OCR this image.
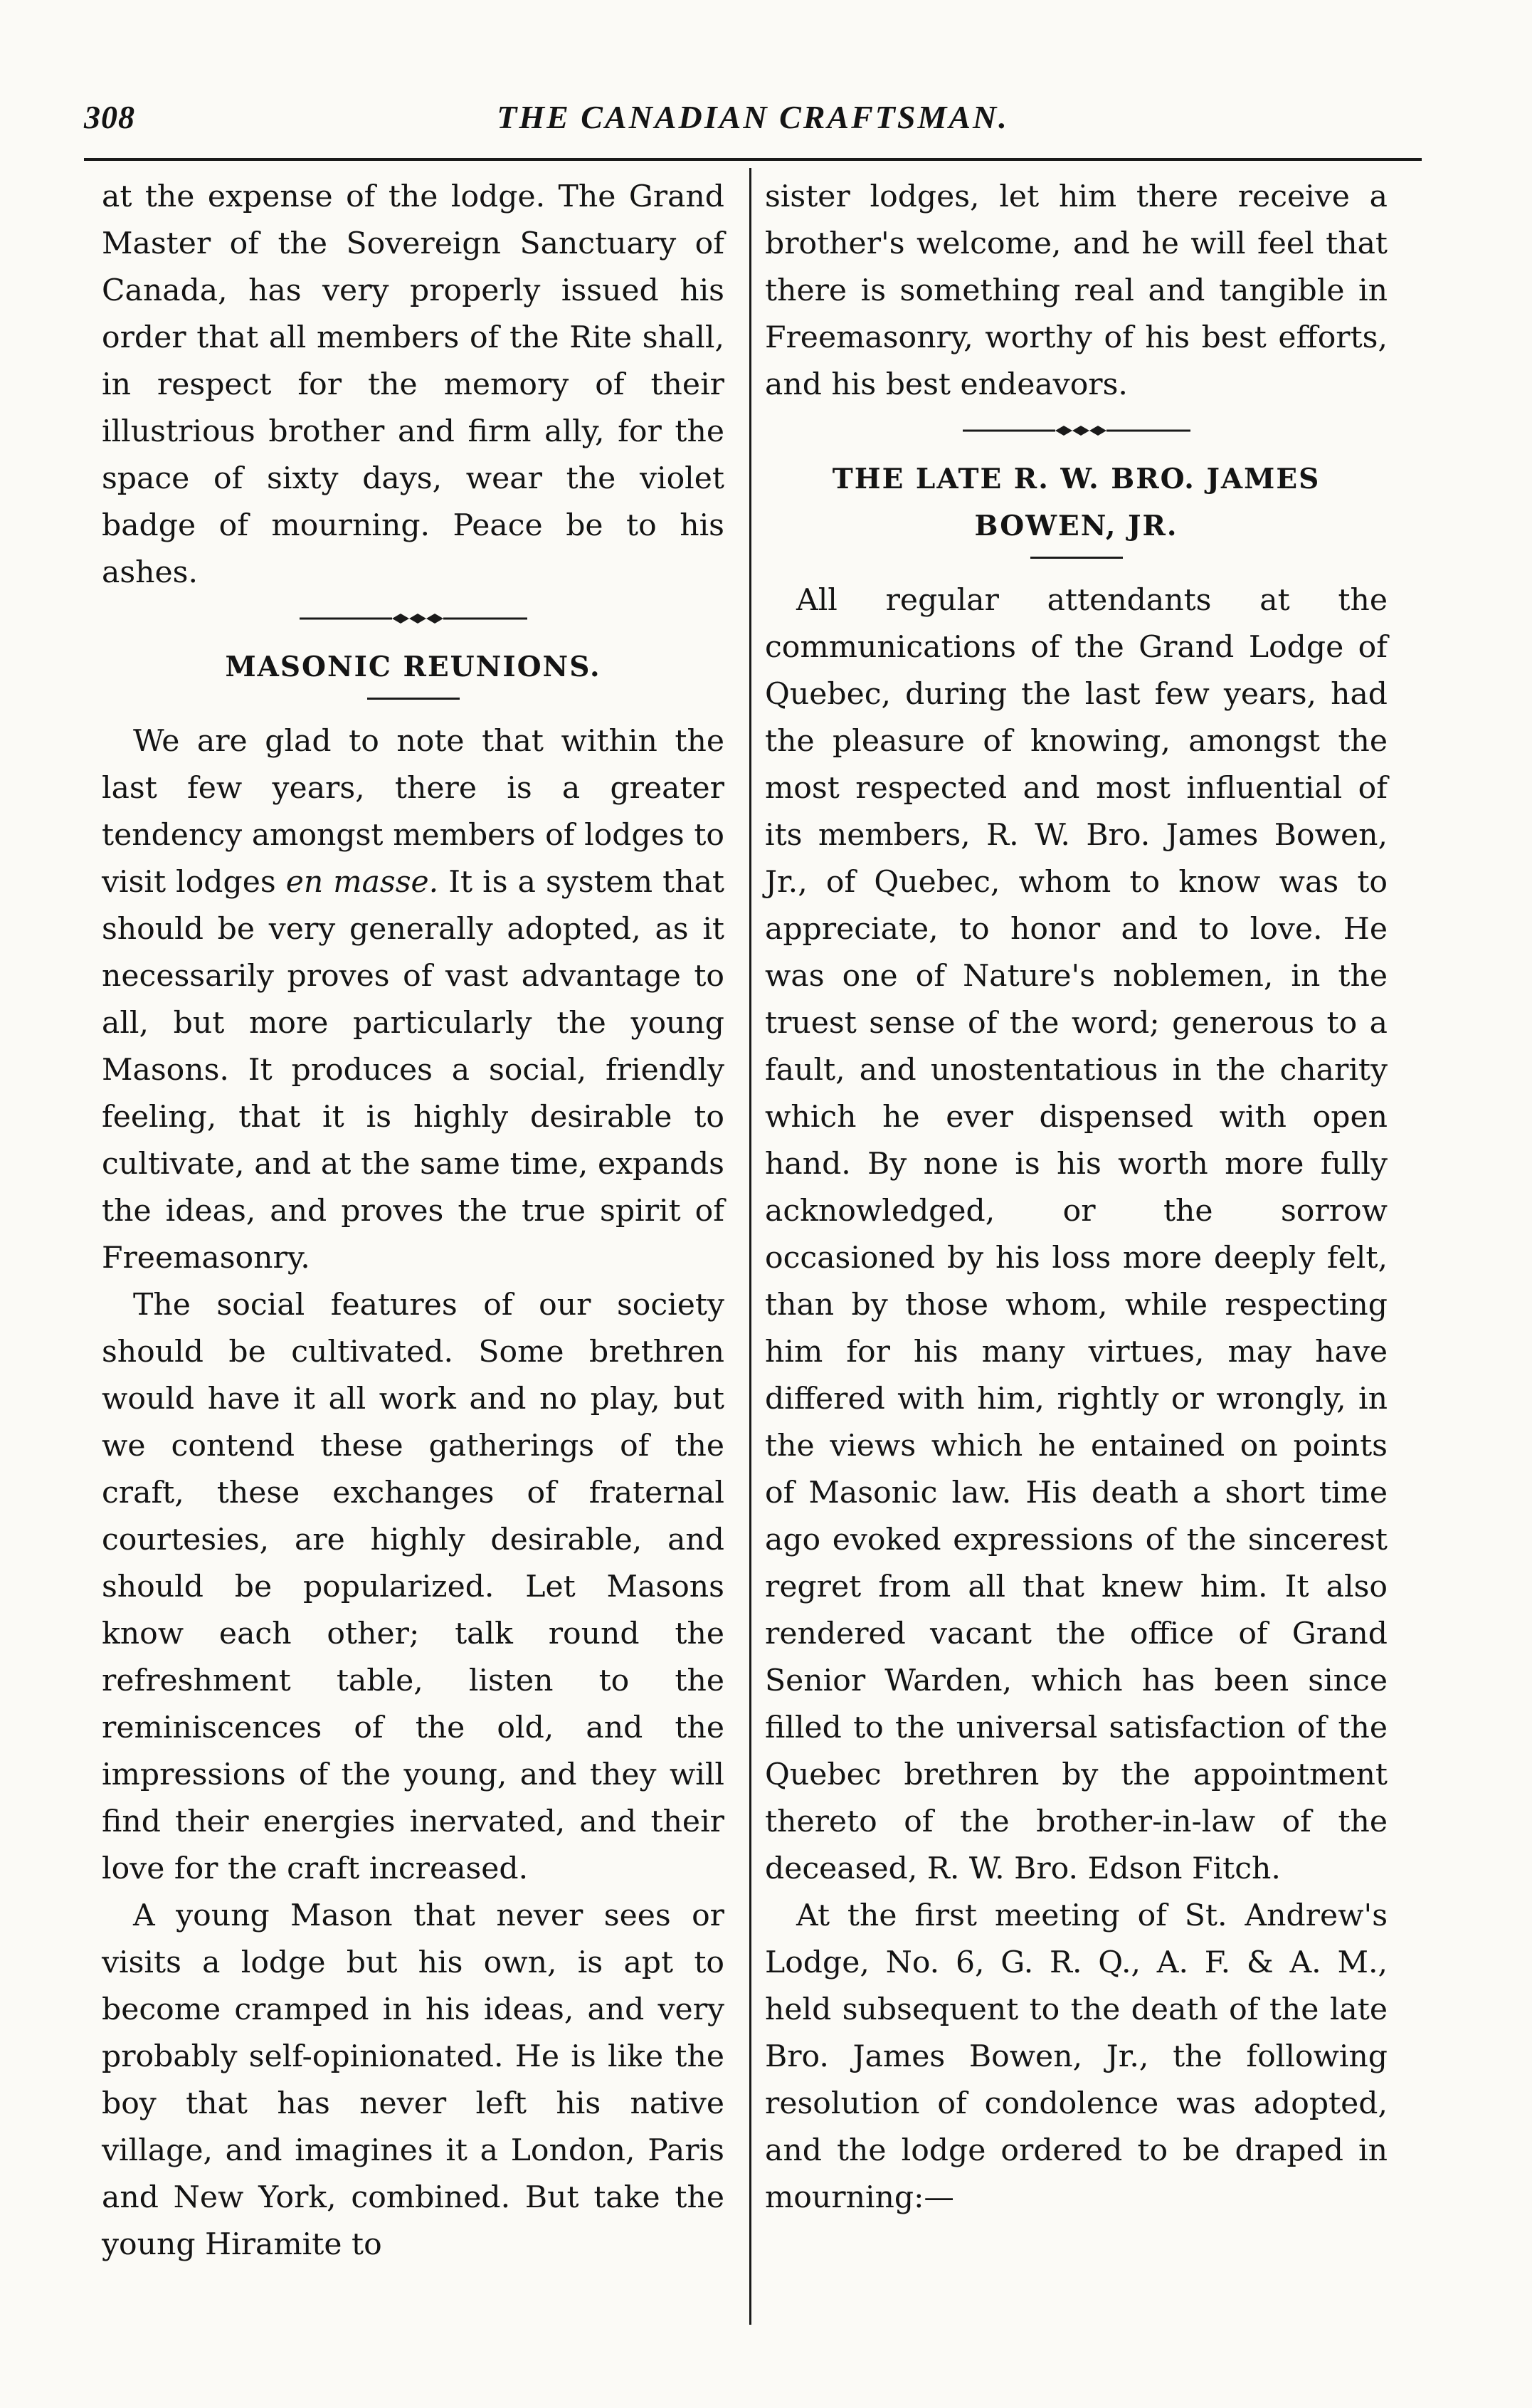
308	THE CANADIAN CRAFTSMAN.

at the expense of the lodge. The Grand Master of the Sovereign Sanctuary of Canada, has very properly issued his order that all members of the Rite shall, in respect for the memory of their illustrious brother and firm ally, for the space of sixty days, wear the violet badge of mourning. Peace be to his ashes.

MASONIC REUNIONS.

We are glad to note that within the last few years, there is a greater tendency amongst members of lodges to visit lodges en masse. It is a system that should be very generally adopted, as it necessarily proves of vast advantage to all, but more particularly the young Masons. It produces a social, friendly feeling, that it is highly desirable to cultivate, and at the same time, expands the ideas, and proves the true spirit of Freemasonry.

The social features of our society should be cultivated. Some brethren would have it all work and no play, but we contend these gatherings of the craft, these exchanges of fraternal courtesies, are highly desirable, and should be popularized. Let Masons know each other; talk round the refreshment table, listen to the reminiscences of the old, and the impressions of the young, and they will find their energies inervated, and their love for the craft increased.

A young Mason that never sees or visits a lodge but his own, is apt to become cramped in his ideas, and very probably self-opinionated. He is like the boy that has never left his native village, and imagines it a London, Paris and New York, combined. But take the young Hiramite to

sister lodges, let him there receive a brother's welcome, and he will feel that there is something real and tangible in Freemasonry, worthy of his best efforts, and his best endeavors.

THE LATE R. W. BRO. JAMES
BOWEN, JR.

All regular attendants at the communications of the Grand Lodge of Quebec, during the last few years, had the pleasure of knowing, amongst the most respected and most influential of its members, R. W. Bro. James Bowen, Jr., of Quebec, whom to know was to appreciate, to honor and to love. He was one of Nature's noblemen, in the truest sense of the word; generous to a fault, and unostentatious in the charity which he ever dispensed with open hand. By none is his worth more fully acknowledged, or the sorrow occasioned by his loss more deeply felt, than by those whom, while respecting him for his many virtues, may have differed with him, rightly or wrongly, in the views which he entained on points of Masonic law. His death a short time ago evoked expressions of the sincerest regret from all that knew him. It also rendered vacant the office of Grand Senior Warden, which has been since filled to the universal satisfaction of the Quebec brethren by the appointment thereto of the brother-in-law of the deceased, R. W. Bro. Edson Fitch.

At the first meeting of St. Andrew's Lodge, No. 6, G. R. Q., A. F. & A. M., held subsequent to the death of the late Bro. James Bowen, Jr., the following resolution of condolence was adopted, and the lodge ordered to be draped in mourning:—
